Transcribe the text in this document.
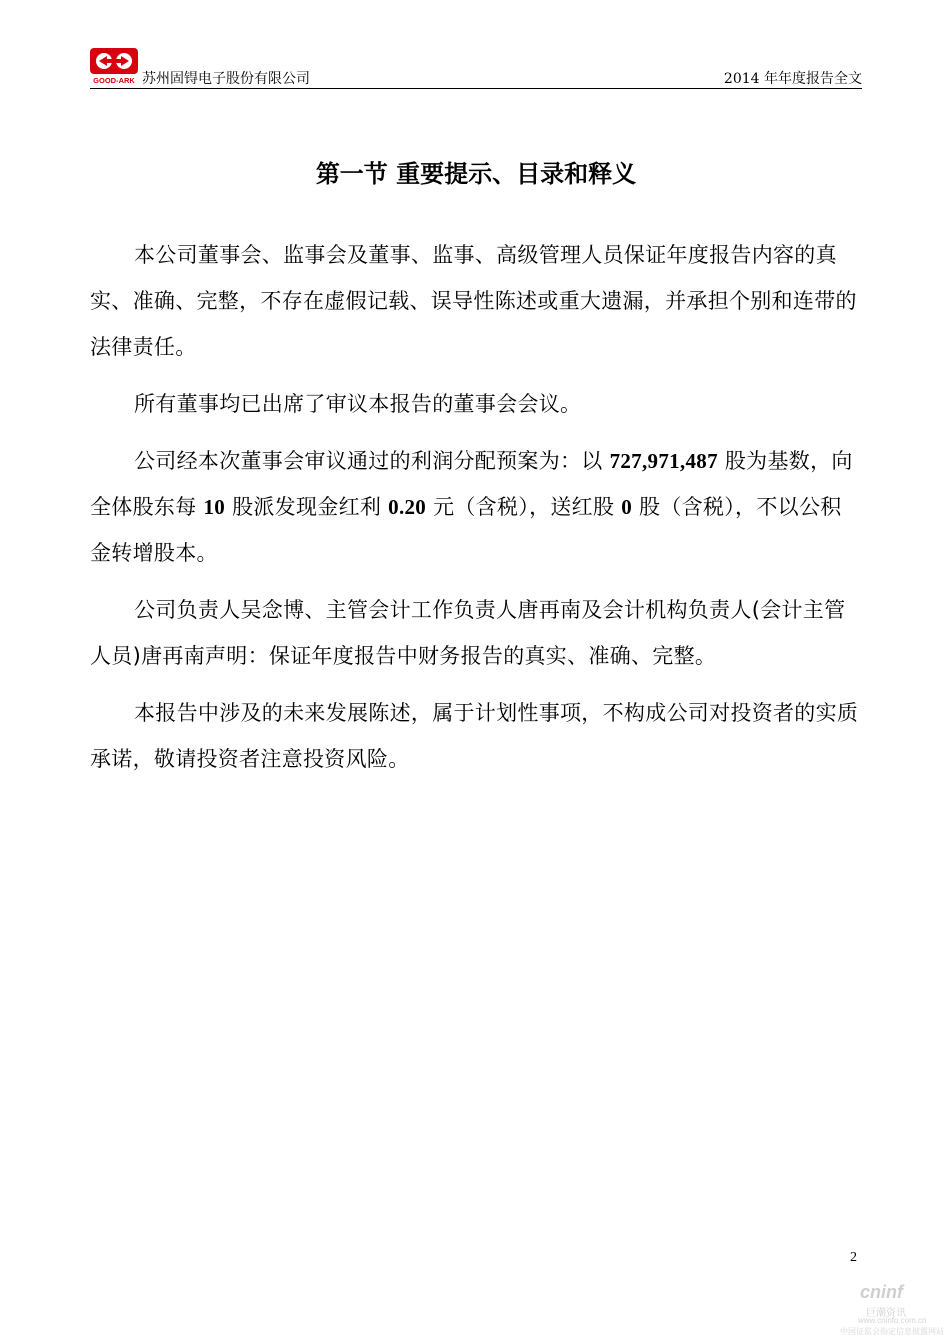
GOOD-ARK 苏州固锝电子股份有限公司	2014 年年度报告全文
第一节 重要提示、目录和释义

本公司董事会、监事会及董事、监事、高级管理人员保证年度报告内容的真实、准确、完整，不存在虚假记载、误导性陈述或重大遗漏，并承担个别和连带的法律责任。

所有董事均已出席了审议本报告的董事会会议。

公司经本次董事会审议通过的利润分配预案为：以 727,971,487 股为基数，向全体股东每 10 股派发现金红利 0.20 元（含税），送红股 0 股（含税），不以公积金转增股本。

公司负责人吴念博、主管会计工作负责人唐再南及会计机构负责人(会计主管人员)唐再南声明：保证年度报告中财务报告的真实、准确、完整。

本报告中涉及的未来发展陈述，属于计划性事项，不构成公司对投资者的实质承诺，敬请投资者注意投资风险。

2
cninf
巨潮资讯
www.cninfo.com.cn
中国证监会指定信息披露网站
